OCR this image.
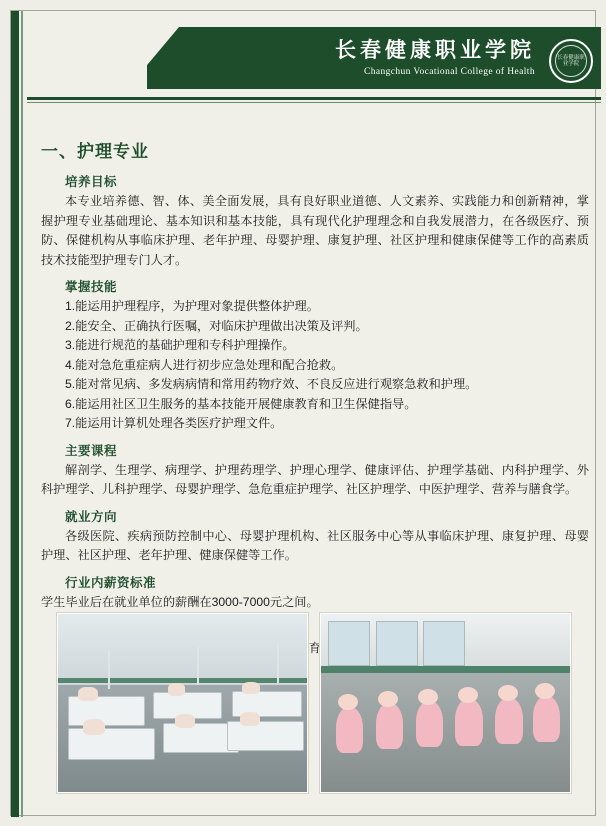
长春健康职业学院
Changchun Vocational College of Health
长春健康职业学院
一、护理专业
培养目标
本专业培养德、智、体、美全面发展，具有良好职业道德、人文素养、实践能力和创新精神，掌握护理专业基础理论、基本知识和基本技能，具有现代化护理理念和自我发展潜力，在各级医疗、预防、保健机构从事临床护理、老年护理、母婴护理、康复护理、社区护理和健康保健等工作的高素质技术技能型护理专门人才。
掌握技能
1.能运用护理程序，为护理对象提供整体护理。
2.能安全、正确执行医嘱，对临床护理做出决策及评判。
3.能进行规范的基础护理和专科护理操作。
4.能对急危重症病人进行初步应急处理和配合抢救。
5.能对常见病、多发病病情和常用药物疗效、不良反应进行观察急救和护理。
6.能运用社区卫生服务的基本技能开展健康教育和卫生保健指导。
7.能运用计算机处理各类医疗护理文件。
主要课程
解剖学、生理学、病理学、护理药理学、护理心理学、健康评估、护理学基础、内科护理学、外科护理学、儿科护理学、母婴护理学、急危重症护理学、社区护理学、中医护理学、营养与膳食学。
就业方向
各级医院、疾病预防控制中心、母婴护理机构、社区服务中心等从事临床护理、康复护理、母婴护理、社区护理、老年护理、健康保健等工作。
行业内薪资标准
学生毕业后在就业单位的薪酬在3000-7000元之间。
